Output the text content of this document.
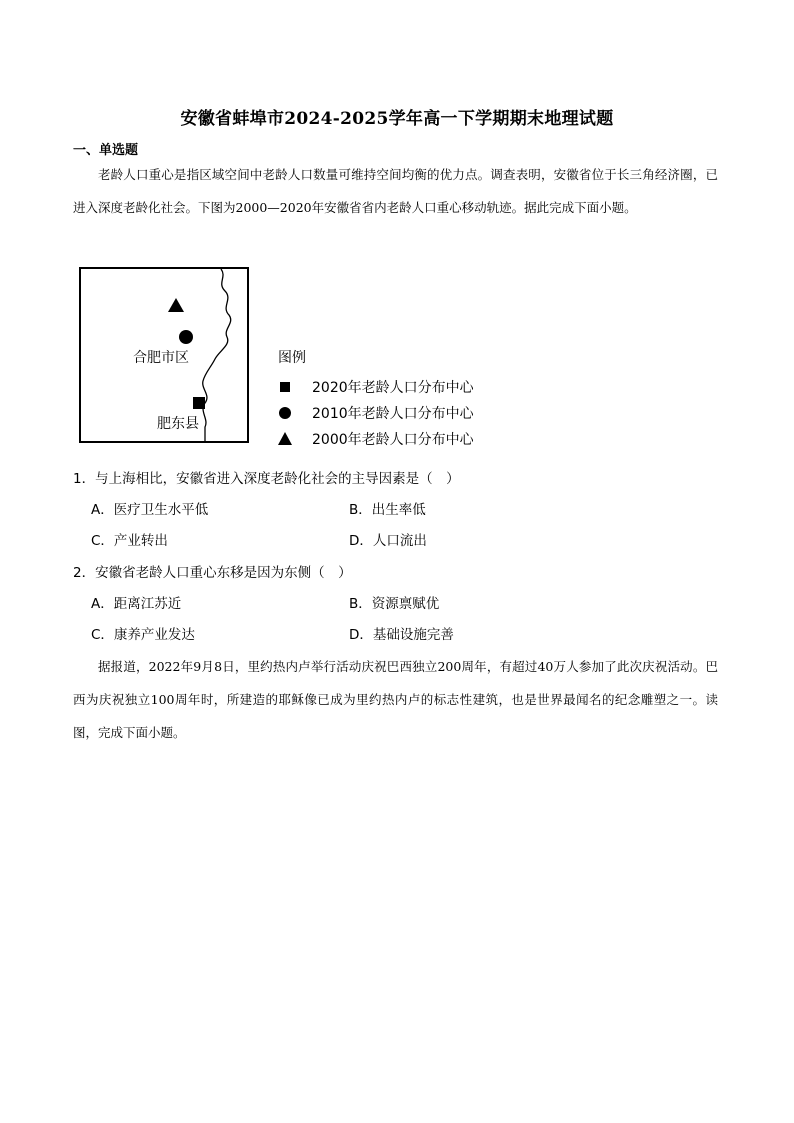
安徽省蚌埠市2024-2025学年高一下学期期末地理试题
一、单选题

老龄人口重心是指区域空间中老龄人口数量可维持空间均衡的优力点。调查表明，安徽省位于长三角经济圈，已进入深度老龄化社会。下图为2000—2020年安徽省省内老龄人口重心移动轨迹。据此完成下面小题。

合肥市区
肥东县
图例
2020年老龄人口分布中心
2010年老龄人口分布中心
2000年老龄人口分布中心
1．与上海相比，安徽省进入深度老龄化社会的主导因素是（　）
A．医疗卫生水平低	B．出生率低
C．产业转出	D．人口流出
2．安徽省老龄人口重心东移是因为东侧（　）
A．距离江苏近	B．资源禀赋优
C．康养产业发达	D．基础设施完善

据报道，2022年9月8日，里约热内卢举行活动庆祝巴西独立200周年，有超过40万人参加了此次庆祝活动。巴西为庆祝独立100周年时，所建造的耶稣像已成为里约热内卢的标志性建筑，也是世界最闻名的纪念雕塑之一。读图，完成下面小题。
